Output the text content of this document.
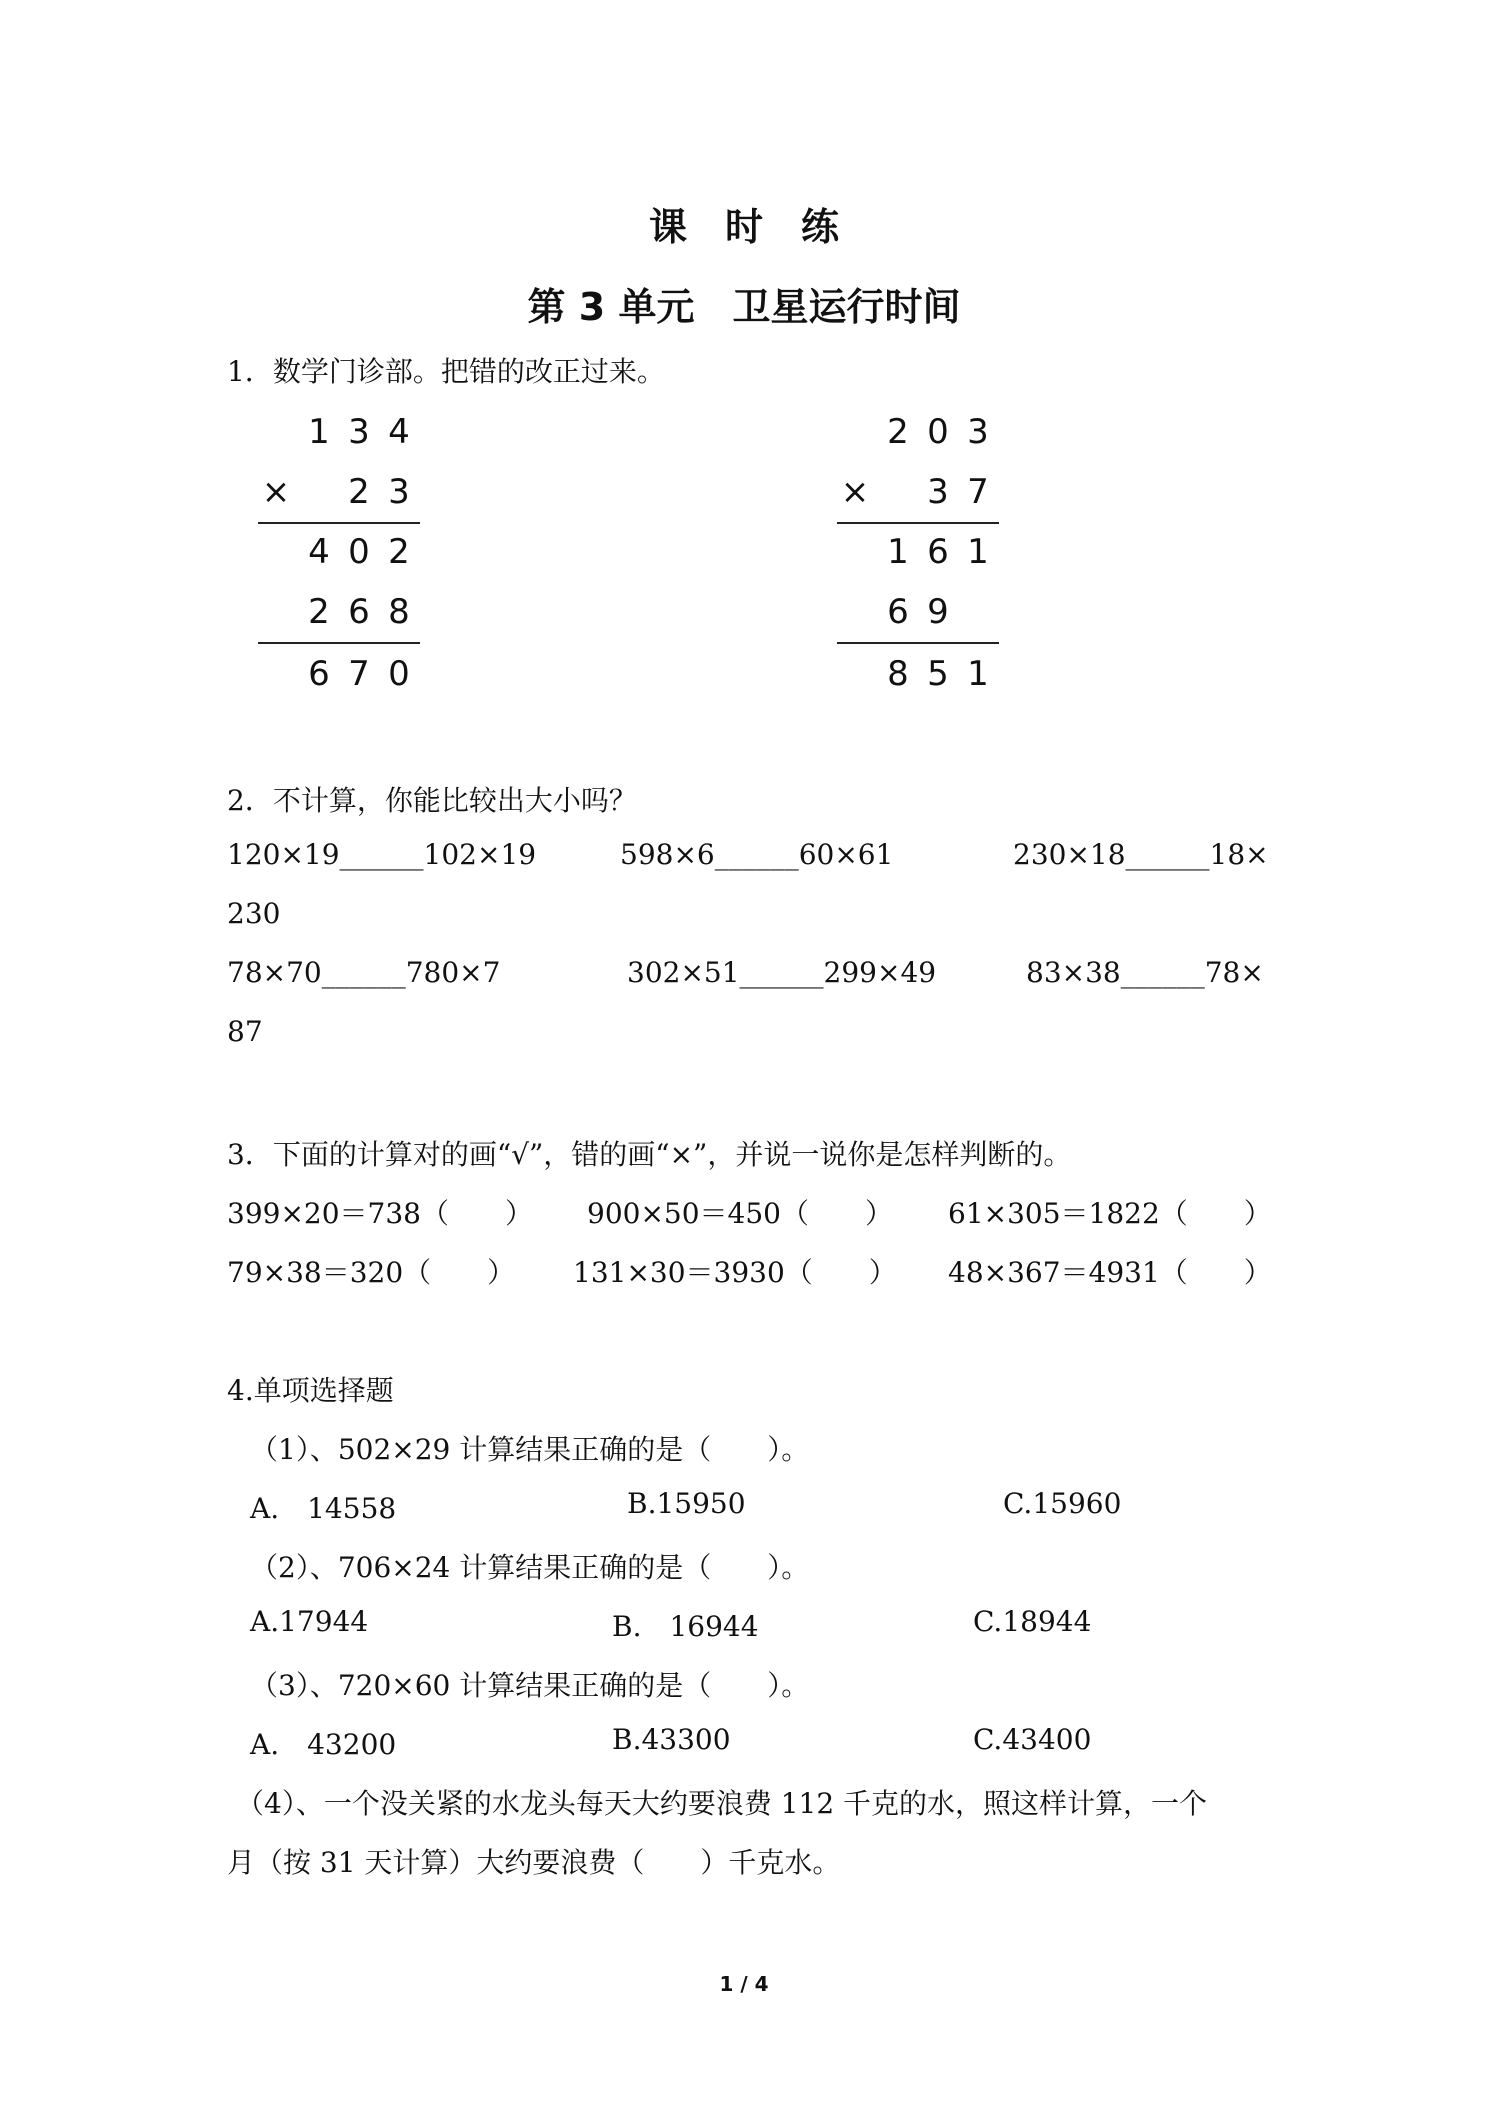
课　时　练
第 3 单元　卫星运行时间
1．数学门诊部。把错的改正过来。
1 3 4
× 2 3
4 0 2
2 6 8
6 7 0
2 0 3
× 3 7
1 6 1
6 9
8 5 1
2．不计算，你能比较出大小吗？
120×19______102×19	598×6______60×61	230×18______18×
230
78×70______780×7	302×51______299×49	83×38______78×
87
3．下面的计算对的画“√”，错的画“×”，并说一说你是怎样判断的。
399×20＝738（　　） 900×50＝450（　　） 61×305＝1822（　　）
79×38＝320（　　） 131×30＝3930（　　） 48×367＝4931（　　）
4.单项选择题
（1）、502×29 计算结果正确的是（　　）。
A.　14558	B.15950	C.15960
（2）、706×24 计算结果正确的是（　　）。
A.17944	B.　16944	C.18944
（3）、720×60 计算结果正确的是（　　）。
A.　43200	B.43300	C.43400
（4）、一个没关紧的水龙头每天大约要浪费 112 千克的水，照这样计算，一个
月（按 31 天计算）大约要浪费（　　）千克水。
1 / 4
